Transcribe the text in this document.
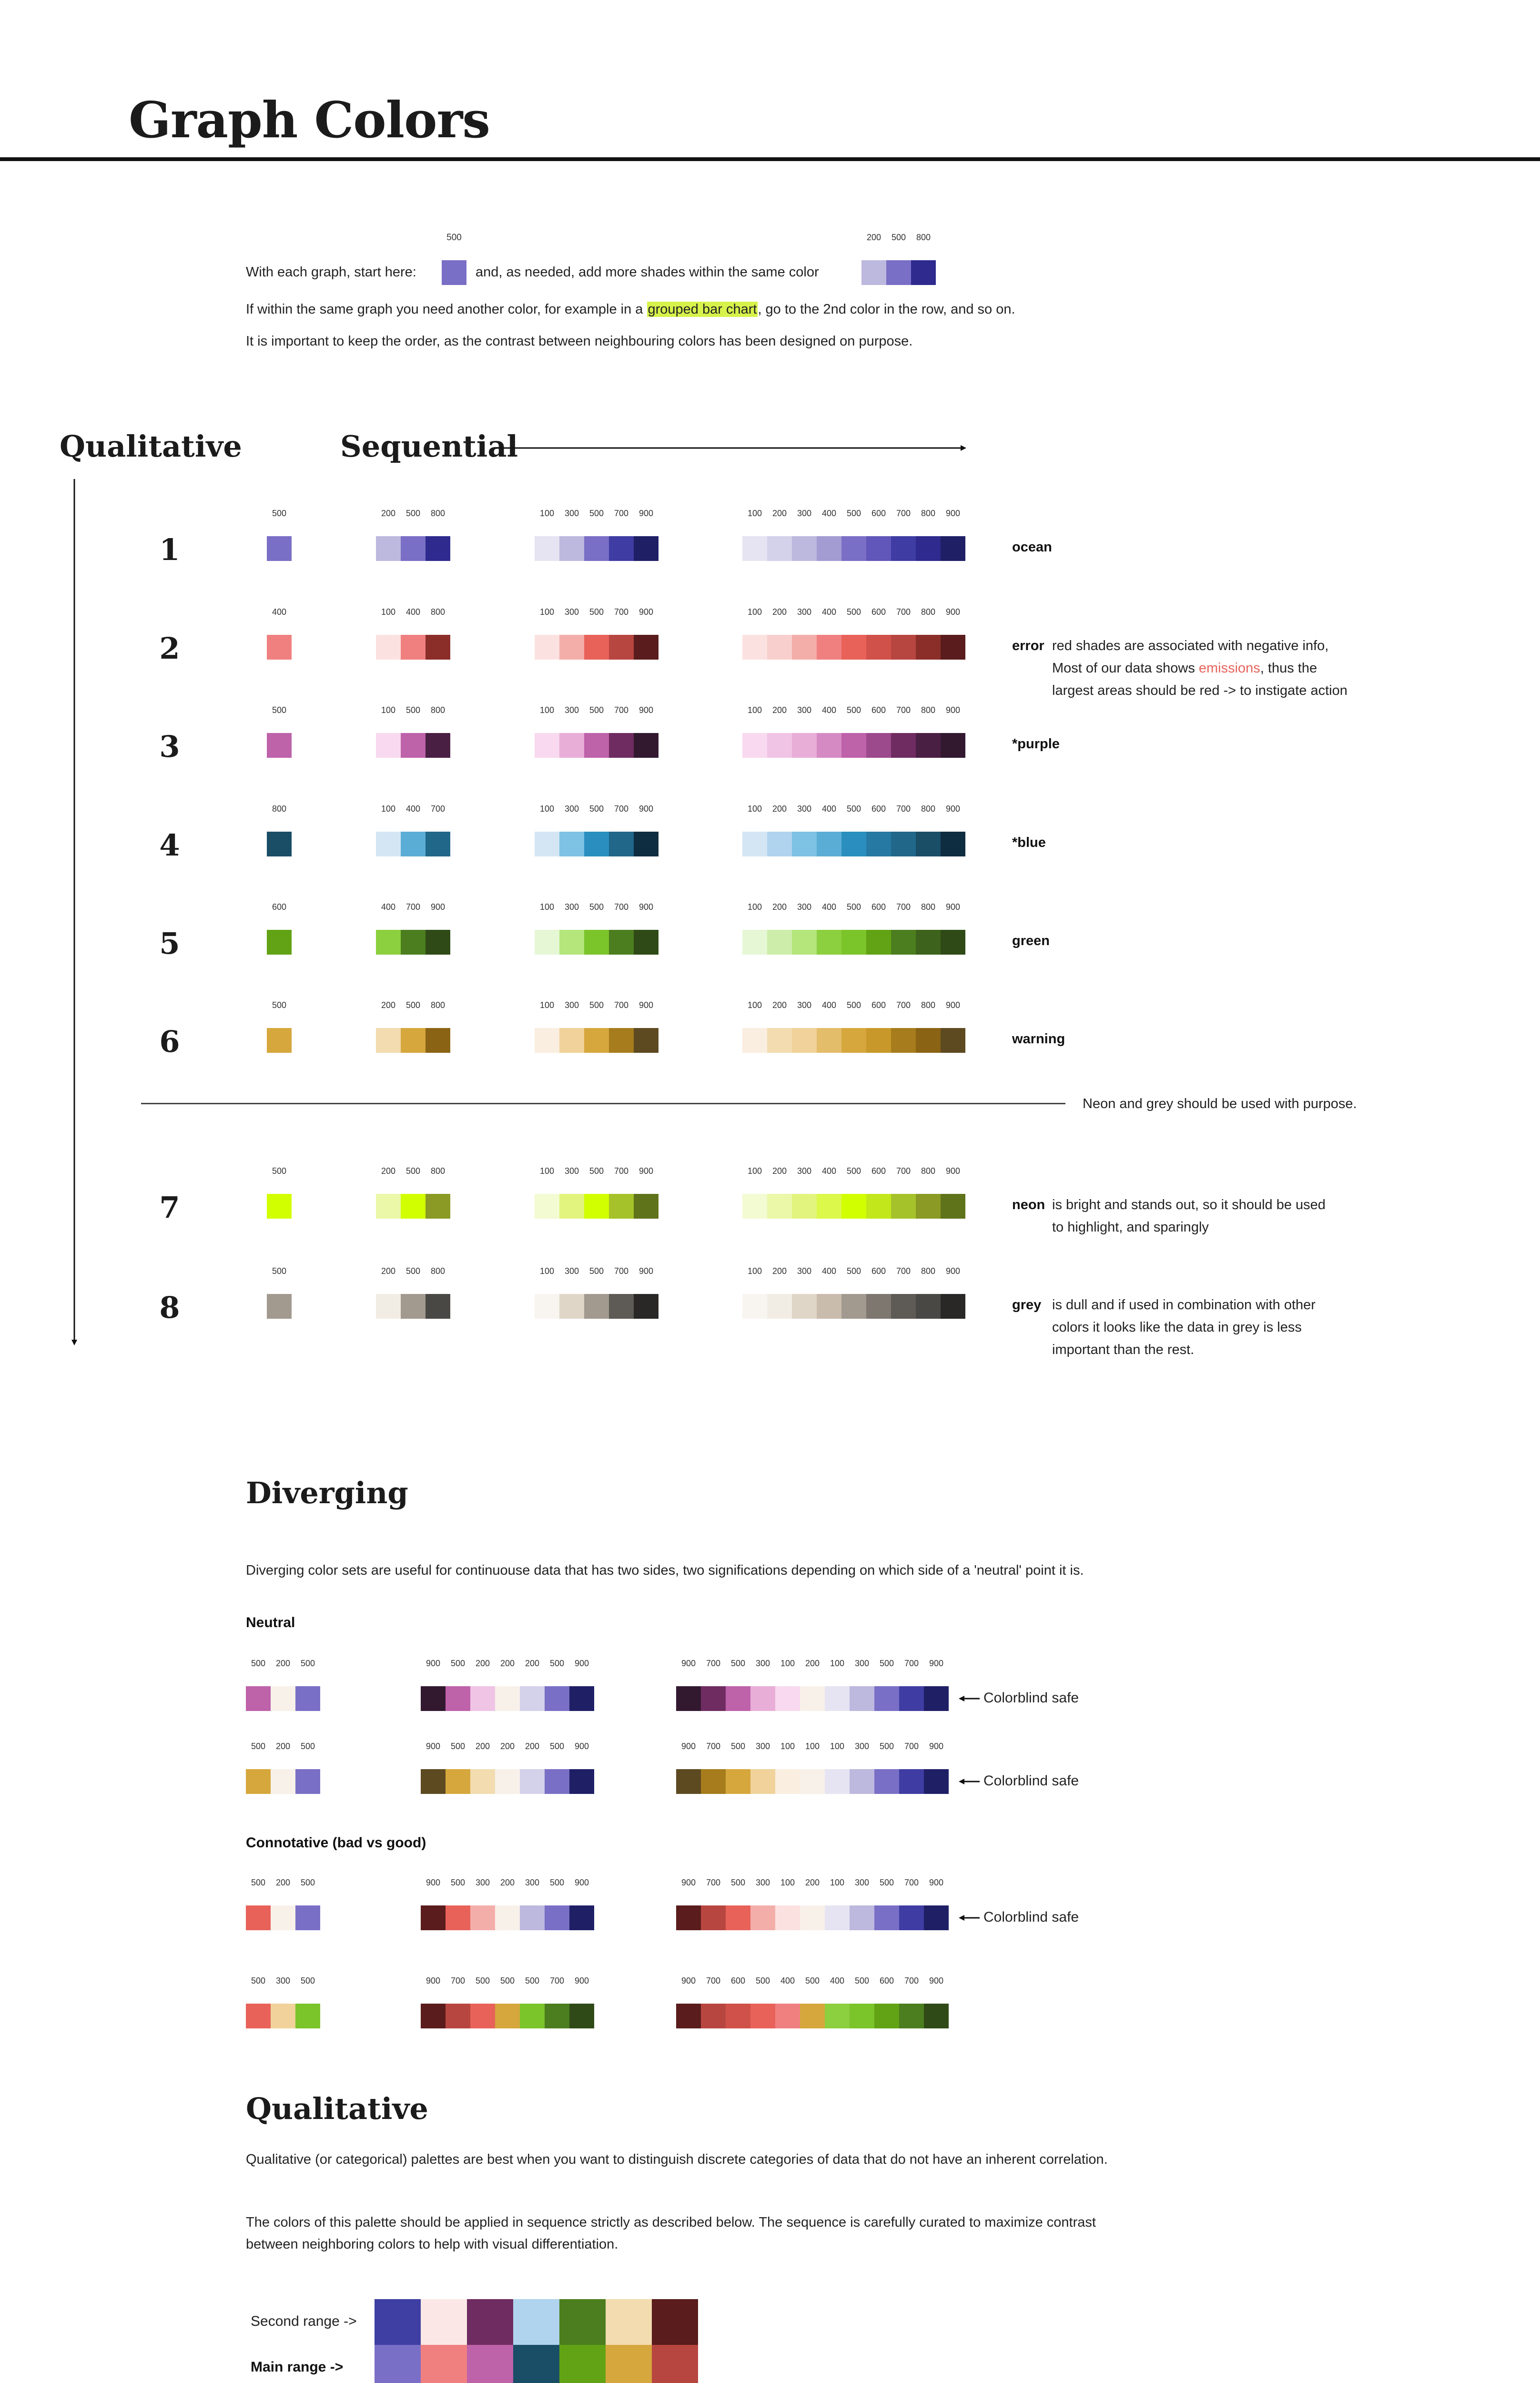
Graph Colors
500
With each graph, start here:	and, as needed, add more shades within the same color
200	500	800
If within the same graph you need another color, for example in a grouped bar chart, go to the 2nd color in the row, and so on.
It is important to keep the order, as the contrast between neighbouring colors has been designed on purpose.
Qualitative	Sequential
1
500	200	500	800	100	300	500	700	900	100	200	300	400	500	600	700	800	900
ocean
2
400	100	400	800	100	300	500	700	900	100	200	300	400	500	600	700	800	900
error red shades are associated with negative info,
Most of our data shows emissions, thus the
largest areas should be red -> to instigate action
3
500	100	500	800	100	300	500	700	900	100	200	300	400	500	600	700	800	900
*purple
4
800	100	400	700	100	300	500	700	900	100	200	300	400	500	600	700	800	900
*blue
5
600	400	700	900	100	300	500	700	900	100	200	300	400	500	600	700	800	900
green
6
500	200	500	800	100	300	500	700	900	100	200	300	400	500	600	700	800	900
warning
7
500	200	500	800	100	300	500	700	900	100	200	300	400	500	600	700	800	900
neon is bright and stands out, so it should be used
to highlight, and sparingly
8
500	200	500	800	100	300	500	700	900	100	200	300	400	500	600	700	800	900
grey is dull and if used in combination with other
colors it looks like the data in grey is less
important than the rest.
Neon and grey should be used with purpose.
Diverging
Diverging color sets are useful for continuouse data that has two sides, two significations depending on which side of a 'neutral' point it is.
Neutral
Connotative (bad vs good)
500	200	500	900	500	200	200	200	500	900	900	700	500	300	100	200	100	300	500	700	900
Colorblind safe
500	200	500	900	500	200	200	200	500	900	900	700	500	300	100	100	100	300	500	700	900
Colorblind safe
500	200	500	900	500	300	200	300	500	900	900	700	500	300	100	200	100	300	500	700	900
Colorblind safe
500	300	500	900	700	500	500	500	700	900	900	700	600	500	400	500	400	500	600	700	900
Qualitative
Qualitative (or categorical) palettes are best when you want to distinguish discrete categories of data that do not have an inherent correlation.
The colors of this palette should be applied in sequence strictly as described below. The sequence is carefully curated to maximize contrast
between neighboring colors to help with visual differentiation.
Second range ->
Main range ->
